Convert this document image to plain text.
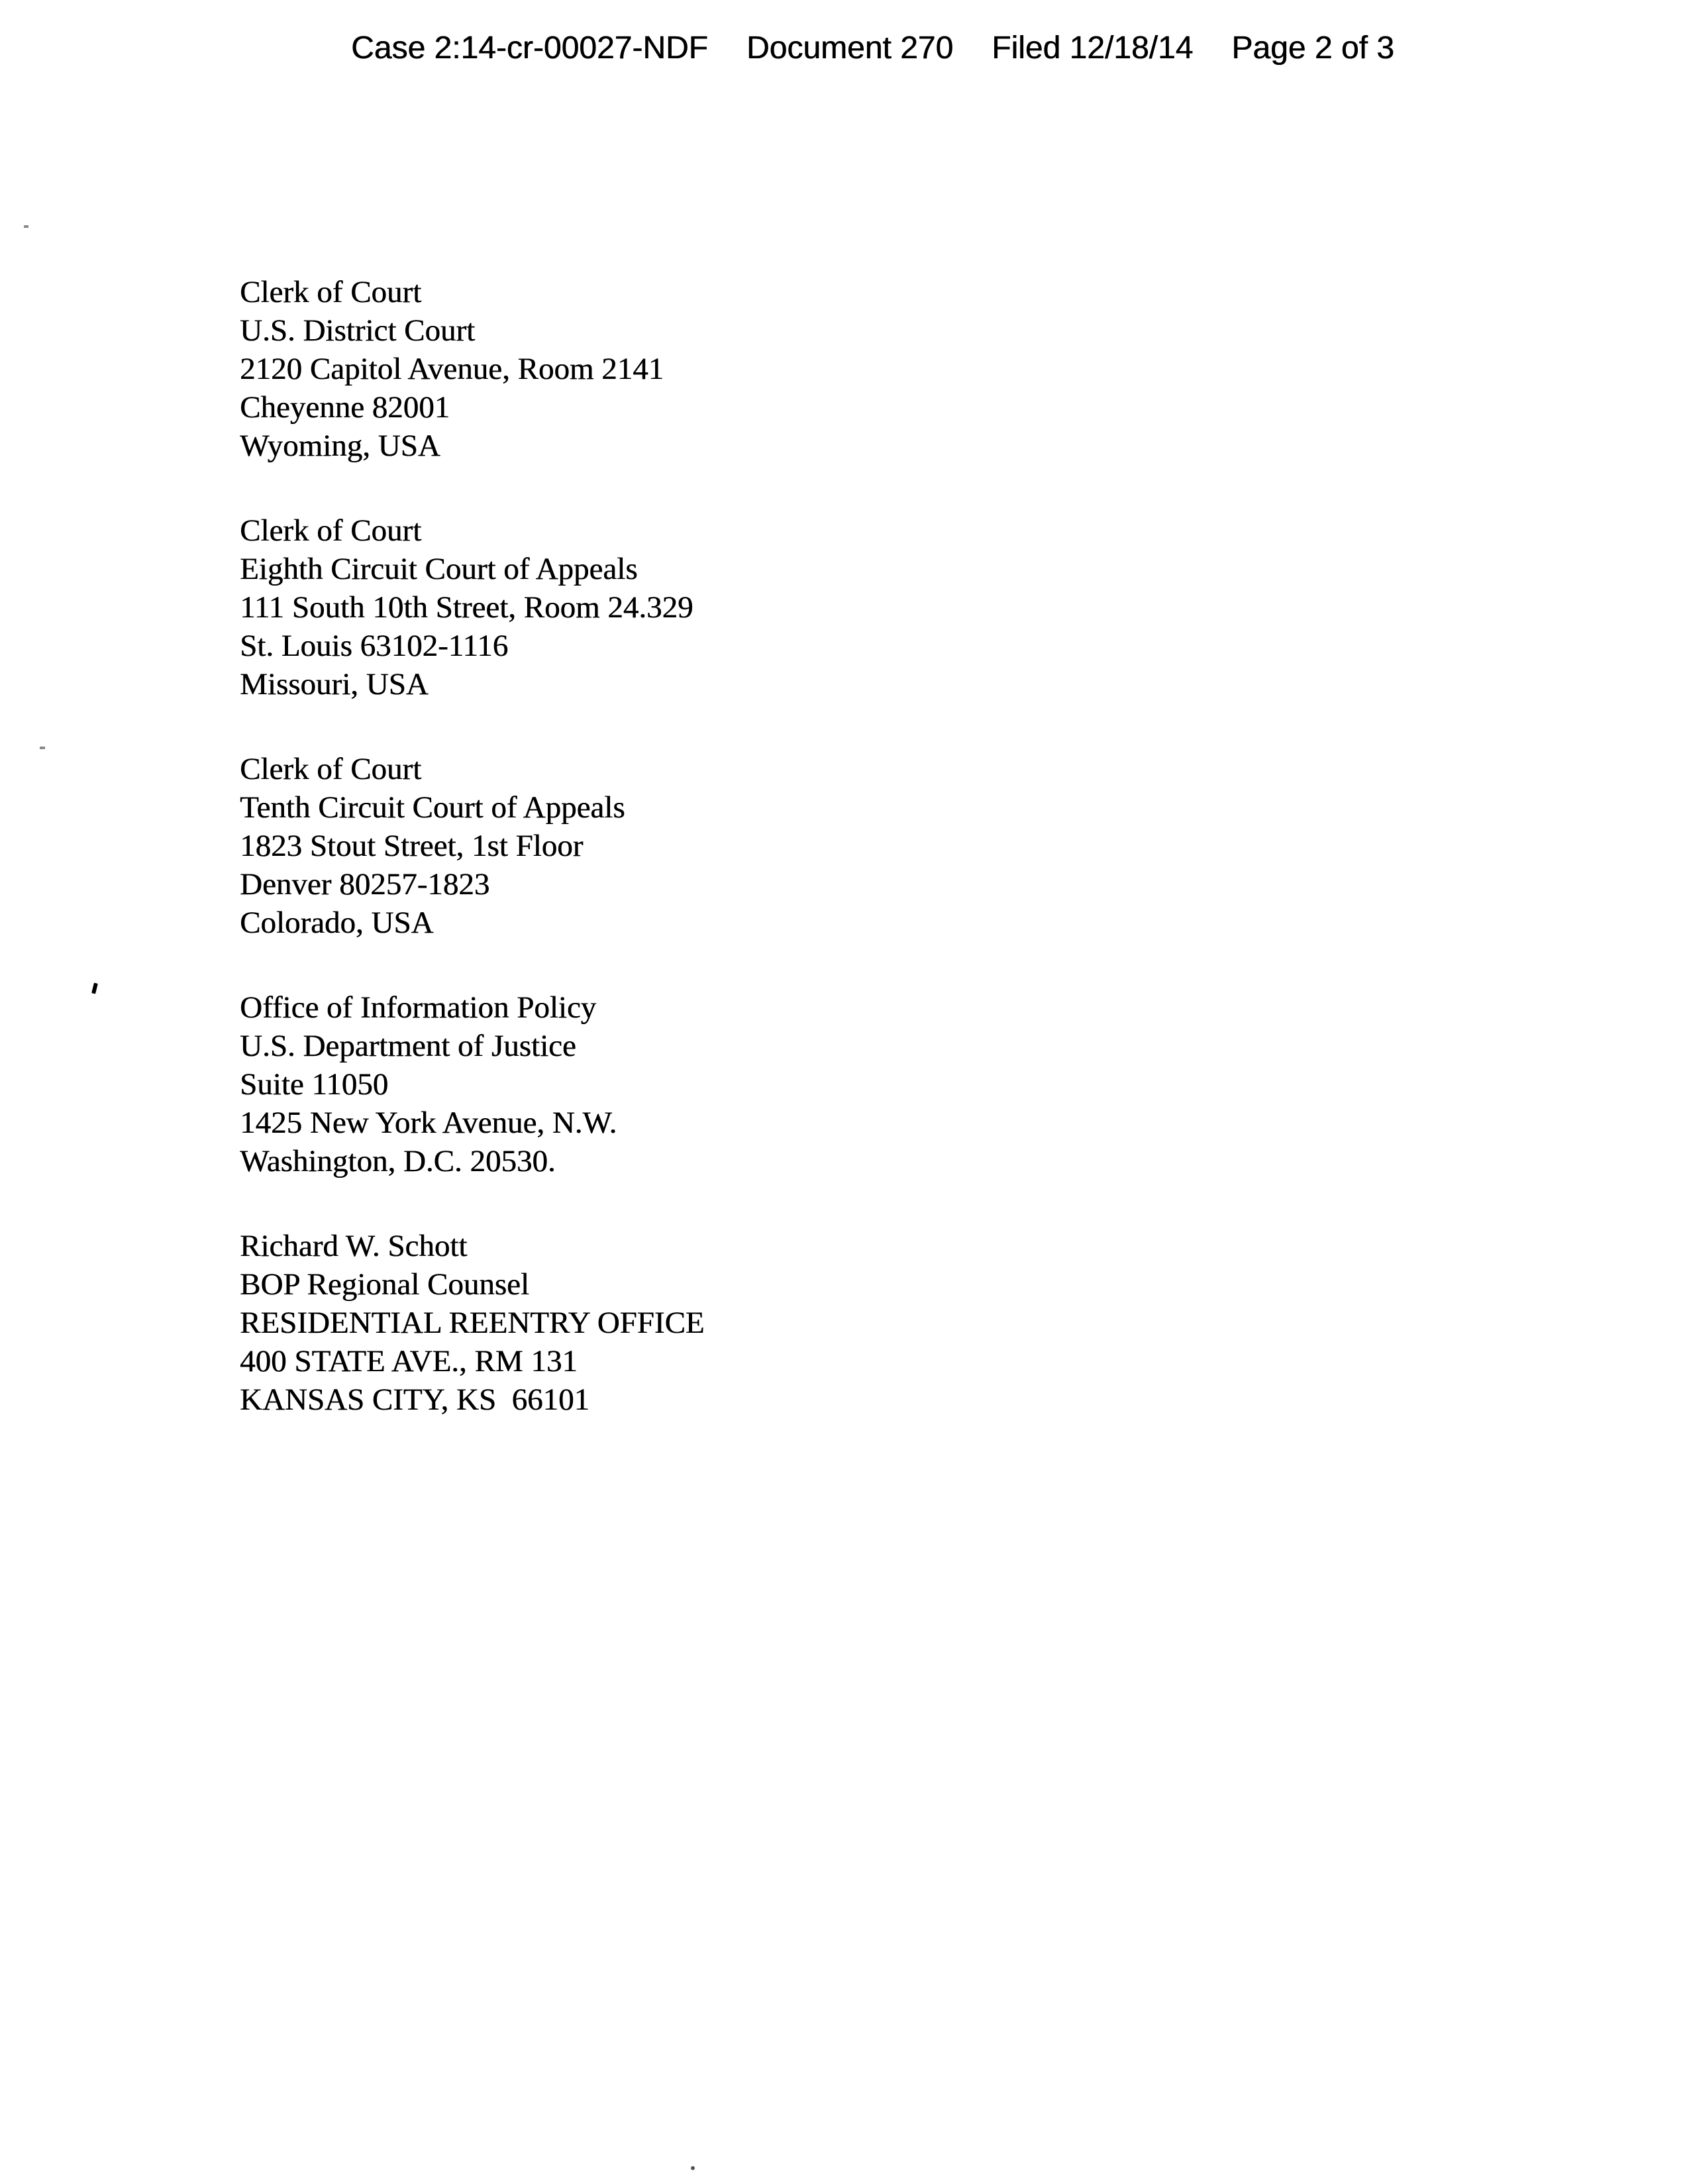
Case 2:14-cr-00027-NDF Document 270 Filed 12/18/14 Page 2 of 3
Clerk of Court
U.S. District Court
2120 Capitol Avenue, Room 2141
Cheyenne 82001
Wyoming, USA
Clerk of Court
Eighth Circuit Court of Appeals
111 South 10th Street, Room 24.329
St. Louis 63102-1116
Missouri, USA
Clerk of Court
Tenth Circuit Court of Appeals
1823 Stout Street, 1st Floor
Denver 80257-1823
Colorado, USA
Office of Information Policy
U.S. Department of Justice
Suite 11050
1425 New York Avenue, N.W.
Washington, D.C. 20530.
Richard W. Schott
BOP Regional Counsel
RESIDENTIAL REENTRY OFFICE
400 STATE AVE., RM 131
KANSAS CITY, KS  66101
